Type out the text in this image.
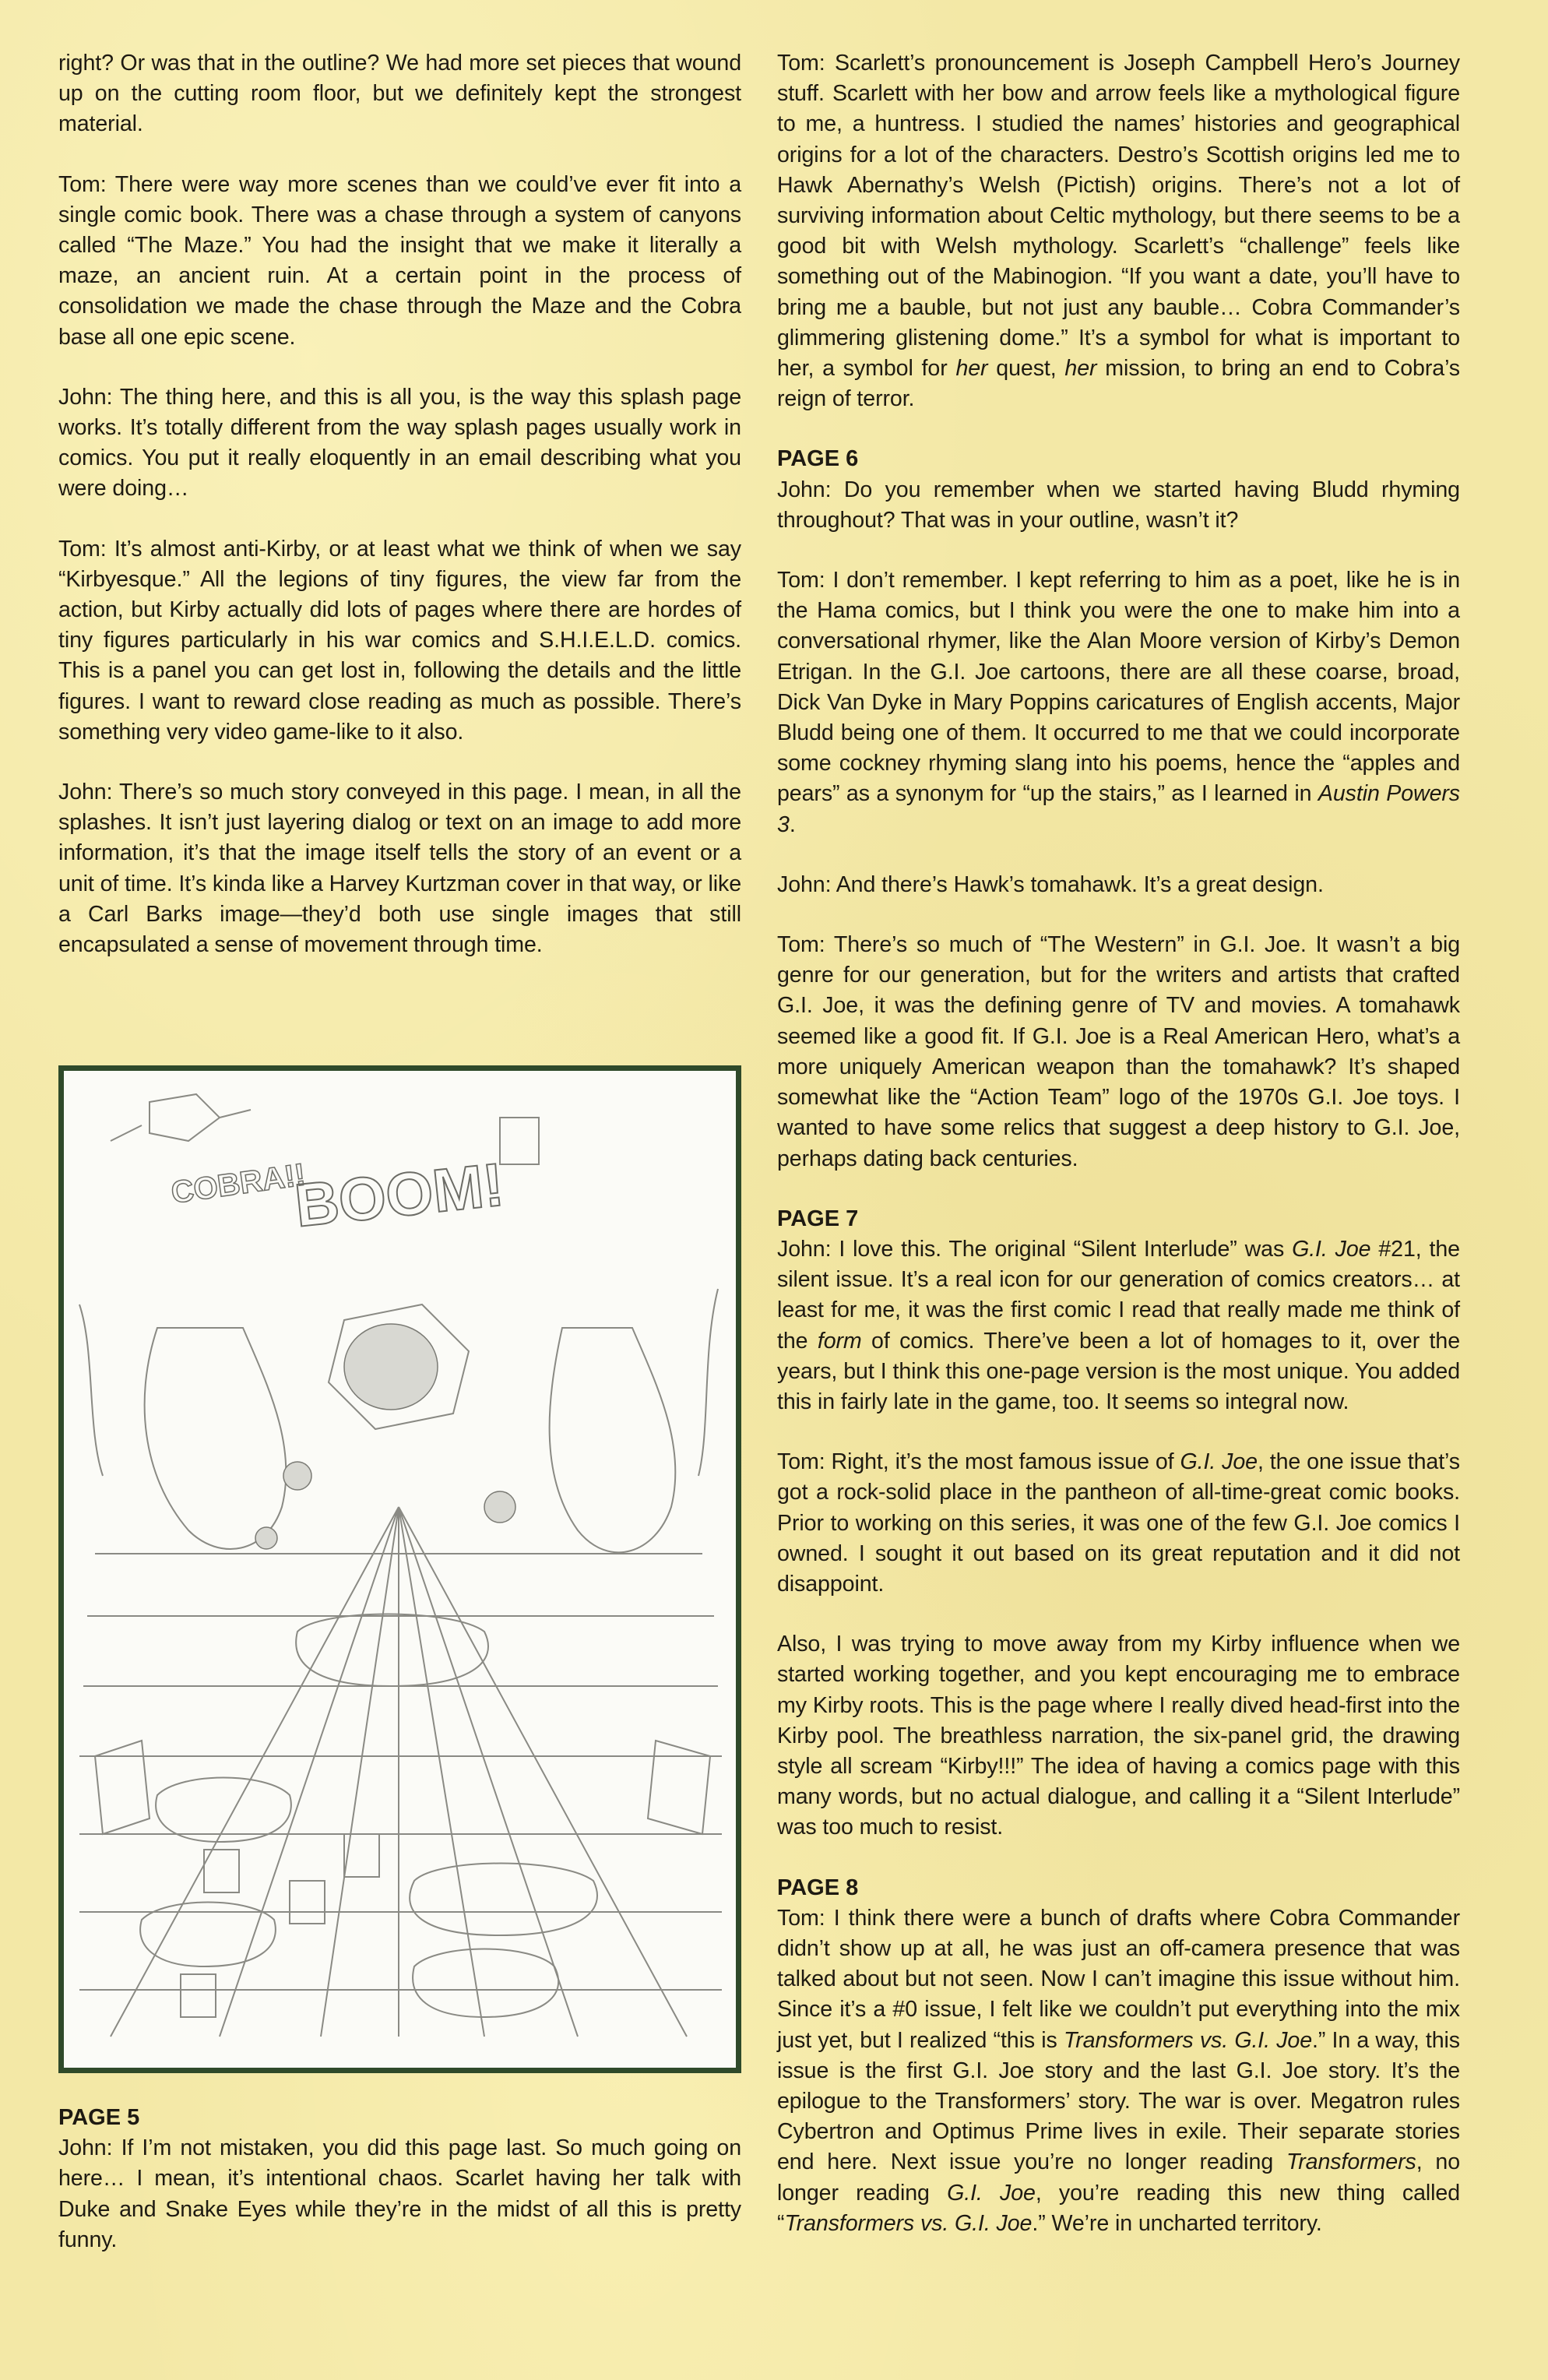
right? Or was that in the outline? We had more set pieces that wound up on the cutting room floor, but we definitely kept the strongest material.

Tom: There were way more scenes than we could’ve ever fit into a single comic book. There was a chase through a system of canyons called “The Maze.” You had the insight that we make it literally a maze, an ancient ruin. At a certain point in the process of consolidation we made the chase through the Maze and the Cobra base all one epic scene.

John: The thing here, and this is all you, is the way this splash page works. It’s totally different from the way splash pages usually work in comics. You put it really eloquently in an email describing what you were doing…

Tom: It’s almost anti-Kirby, or at least what we think of when we say “Kirbyesque.” All the legions of tiny figures, the view far from the action, but Kirby actually did lots of pages where there are hordes of tiny figures particularly in his war comics and S.H.I.E.L.D. comics. This is a panel you can get lost in, following the details and the little figures. I want to reward close reading as much as possible. There’s something very video game-like to it also.

John: There’s so much story conveyed in this page. I mean, in all the splashes. It isn’t just layering dialog or text on an image to add more information, it’s that the image itself tells the story of an event or a unit of time. It’s kinda like a Harvey Kurtzman cover in that way, or like a Carl Barks image—they’d both use single images that still encapsulated a sense of movement through time.

COBRA!!
BOOM!

PAGE 5

John: If I’m not mistaken, you did this page last. So much going on here… I mean, it’s intentional chaos. Scarlet having her talk with Duke and Snake Eyes while they’re in the midst of all this is pretty funny.

Tom: Scarlett’s pronouncement is Joseph Campbell Hero’s Journey stuff. Scarlett with her bow and arrow feels like a mythological figure to me, a huntress. I studied the names’ histories and geographical origins for a lot of the characters. Destro’s Scottish origins led me to Hawk Abernathy’s Welsh (Pictish) origins. There’s not a lot of surviving information about Celtic mythology, but there seems to be a good bit with Welsh mythology. Scarlett’s “challenge” feels like something out of the Mabinogion. “If you want a date, you’ll have to bring me a bauble, but not just any bauble… Cobra Commander’s glimmering glistening dome.” It’s a symbol for what is important to her, a symbol for her quest, her mission, to bring an end to Cobra’s reign of terror.

PAGE 6

John: Do you remember when we started having Bludd rhyming throughout? That was in your outline, wasn’t it?

Tom: I don’t remember. I kept referring to him as a poet, like he is in the Hama comics, but I think you were the one to make him into a conversational rhymer, like the Alan Moore version of Kirby’s Demon Etrigan. In the G.I. Joe cartoons, there are all these coarse, broad, Dick Van Dyke in Mary Poppins caricatures of English accents, Major Bludd being one of them. It occurred to me that we could incorporate some cockney rhyming slang into his poems, hence the “apples and pears” as a synonym for “up the stairs,” as I learned in Austin Powers 3.

John: And there’s Hawk’s tomahawk. It’s a great design.

Tom: There’s so much of “The Western” in G.I. Joe. It wasn’t a big genre for our generation, but for the writers and artists that crafted G.I. Joe, it was the defining genre of TV and movies. A tomahawk seemed like a good fit. If G.I. Joe is a Real American Hero, what’s a more uniquely American weapon than the tomahawk? It’s shaped somewhat like the “Action Team” logo of the 1970s G.I. Joe toys. I wanted to have some relics that suggest a deep history to G.I. Joe, perhaps dating back centuries.

PAGE 7

John: I love this. The original “Silent Interlude” was G.I. Joe #21, the silent issue. It’s a real icon for our generation of comics creators… at least for me, it was the first comic I read that really made me think of the form of comics. There’ve been a lot of homages to it, over the years, but I think this one-page version is the most unique. You added this in fairly late in the game, too. It seems so integral now.

Tom: Right, it’s the most famous issue of G.I. Joe, the one issue that’s got a rock-solid place in the pantheon of all-time-great comic books. Prior to working on this series, it was one of the few G.I. Joe comics I owned. I sought it out based on its great reputation and it did not disappoint.

Also, I was trying to move away from my Kirby influence when we started working together, and you kept encouraging me to embrace my Kirby roots. This is the page where I really dived head-first into the Kirby pool. The breathless narration, the six-panel grid, the drawing style all scream “Kirby!!!” The idea of having a comics page with this many words, but no actual dialogue, and calling it a “Silent Interlude” was too much to resist.

PAGE 8

Tom: I think there were a bunch of drafts where Cobra Commander didn’t show up at all, he was just an off-camera presence that was talked about but not seen. Now I can’t imagine this issue without him. Since it’s a #0 issue, I felt like we couldn’t put everything into the mix just yet, but I realized “this is Transformers vs. G.I. Joe.” In a way, this issue is the first G.I. Joe story and the last G.I. Joe story. It’s the epilogue to the Transformers’ story. The war is over. Megatron rules Cybertron and Optimus Prime lives in exile. Their separate stories end here. Next issue you’re no longer reading Transformers, no longer reading G.I. Joe, you’re reading this new thing called “Transformers vs. G.I. Joe.” We’re in uncharted territory.
